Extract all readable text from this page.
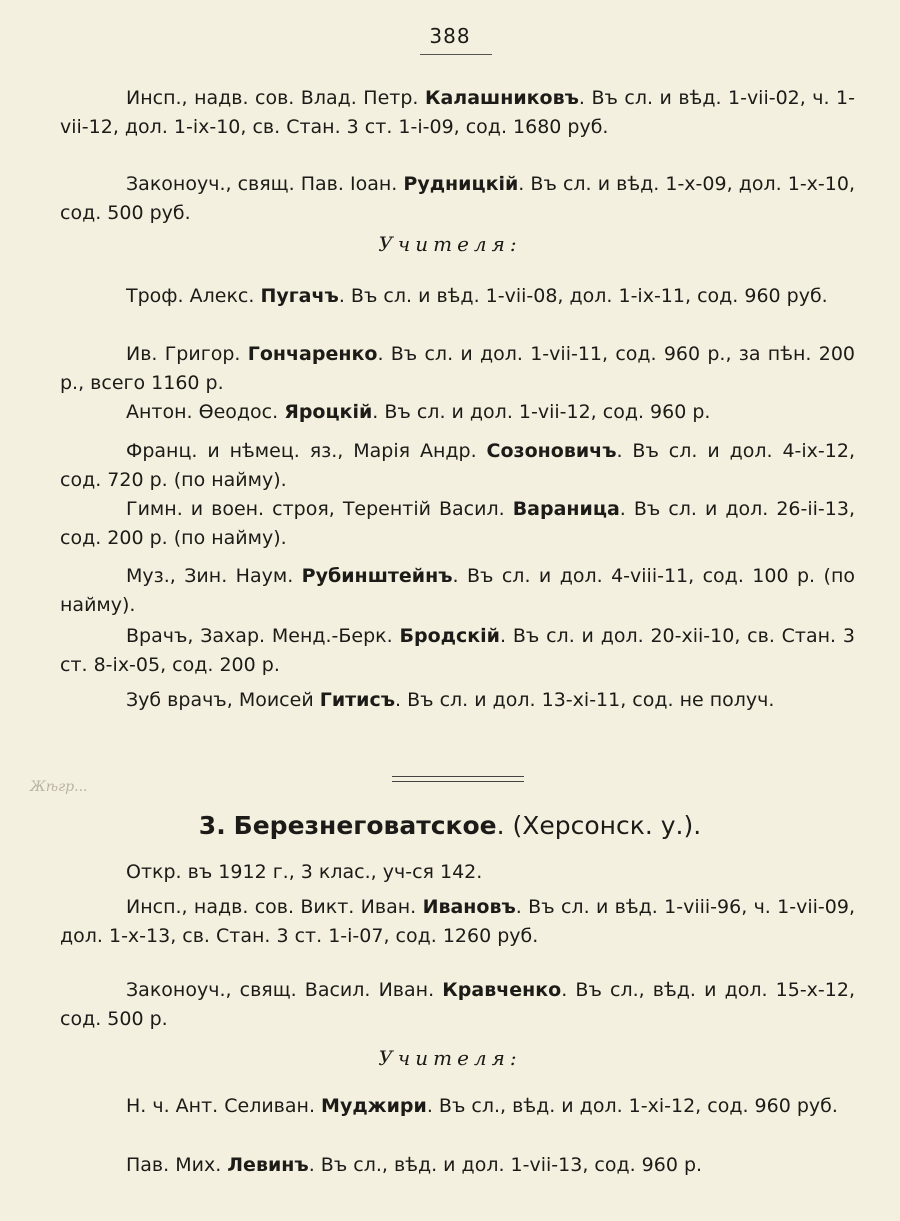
388
Инсп., надв. сов. Влад. Петр. Калашниковъ. Въ сл. и вѣд. 1-vii-02, ч. 1-vii-12, дол. 1-ix-10, св. Стан. 3 ст. 1-i-09, сод. 1680 руб.
Законоуч., свящ. Пав. Іоан. Рудницкій. Въ сл. и вѣд. 1-х-09, дол. 1-х-10, сод. 500 руб.
Учителя:
Троф. Алекс. Пугачъ. Въ сл. и вѣд. 1-vii-08, дол. 1-ix-11, сод. 960 руб.
Ив. Григор. Гончаренко. Въ сл. и дол. 1-vii-11, сод. 960 р., за пѣн. 200 р., всего 1160 р.
Антон. Ѳеодос. Яроцкій. Въ сл. и дол. 1-vii-12, сод. 960 р.
Франц. и нѣмец. яз., Марія Андр. Созоновичъ. Въ сл. и дол. 4-ix-12, сод. 720 р. (по найму).
Гимн. и воен. строя, Терентій Васил. Вараница. Въ сл. и дол. 26-ii-13, сод. 200 р. (по найму).
Муз., Зин. Наум. Рубинштейнъ. Въ сл. и дол. 4-viii-11, сод. 100 р. (по найму).
Врачъ, Захар. Менд.-Берк. Бродскій. Въ сл. и дол. 20-xii-10, св. Стан. 3 ст. 8-ix-05, сод. 200 р.
Зуб врачъ, Моисей Гитисъ. Въ сл. и дол. 13-xi-11, сод. не получ.
Жѣгр...
3. Березнеговатское. (Херсонск. у.).
Откр. въ 1912 г., 3 клас., уч-ся 142.
Инсп., надв. сов. Викт. Иван. Ивановъ. Въ сл. и вѣд. 1-viii-96, ч. 1-vii-09, дол. 1-х-13, св. Стан. 3 ст. 1-i-07, сод. 1260 руб.
Законоуч., свящ. Васил. Иван. Кравченко. Въ сл., вѣд. и дол. 15-х-12, сод. 500 р.
Учителя:
Н. ч. Ант. Селиван. Муджири. Въ сл., вѣд. и дол. 1-xi-12, сод. 960 руб.
Пав. Мих. Левинъ. Въ сл., вѣд. и дол. 1-vii-13, сод. 960 р.
